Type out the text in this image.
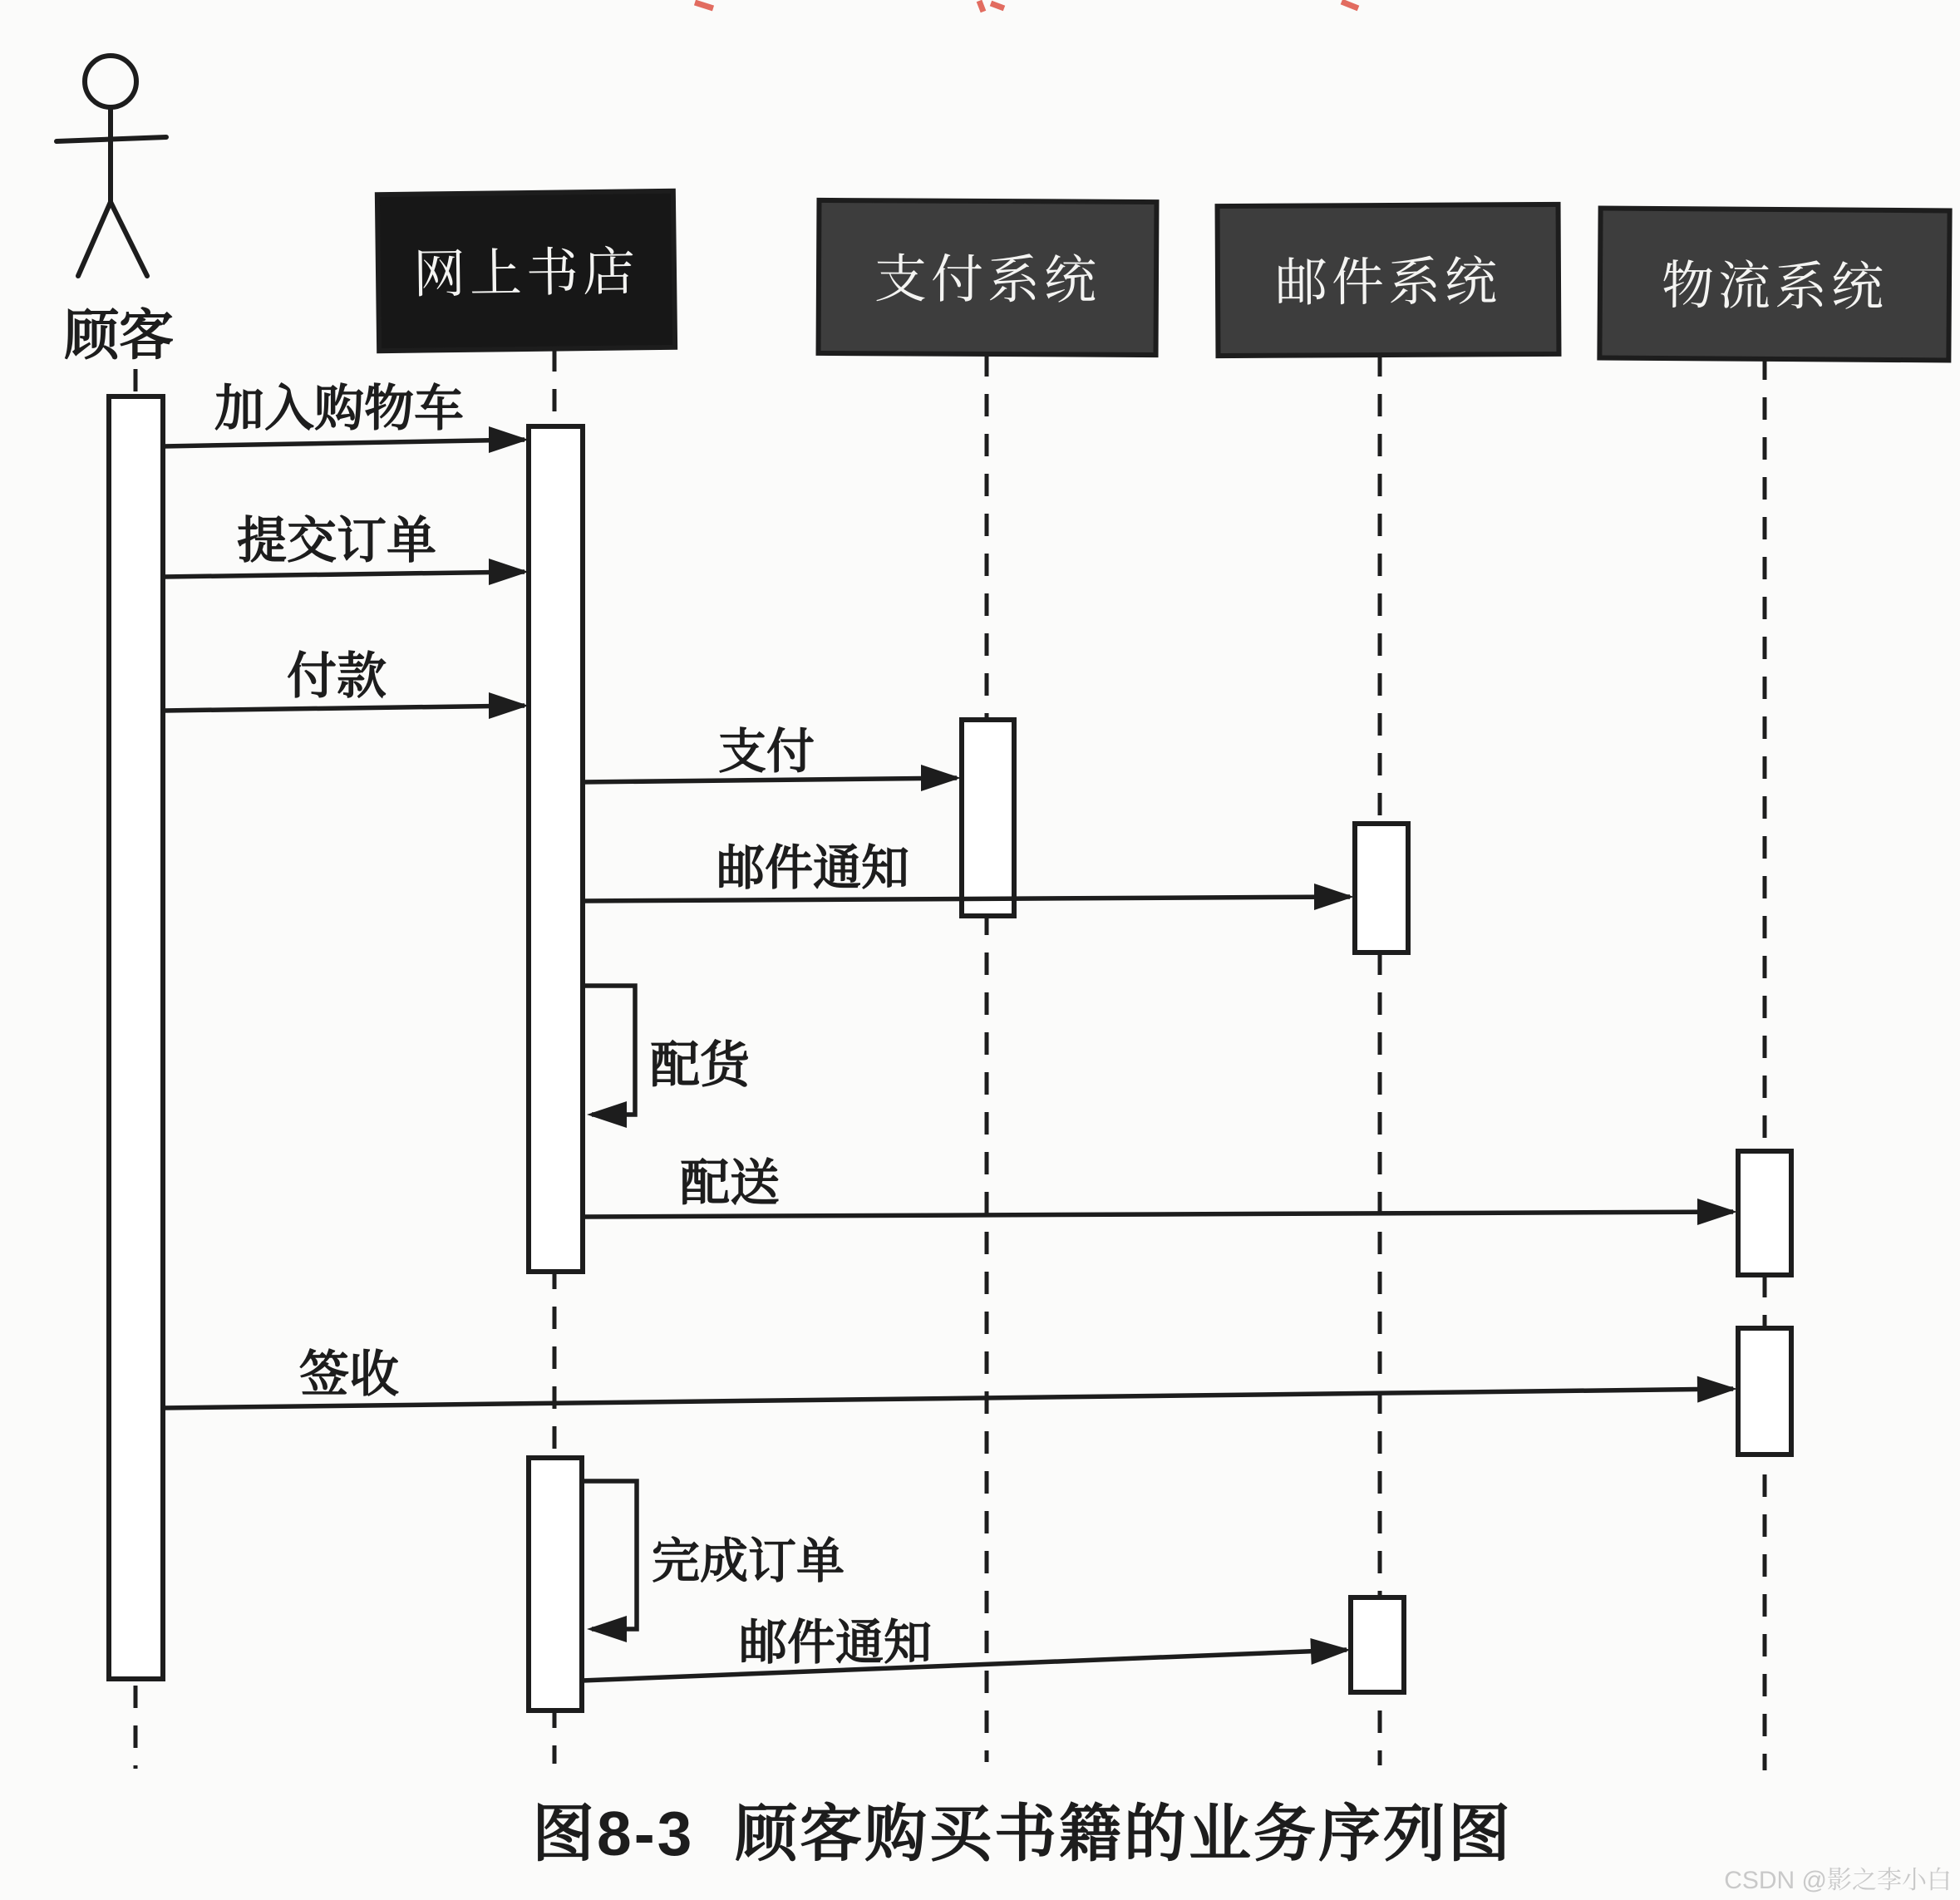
顾客
网上书店	支付系统	邮件系统	物流系统
加入购物车
提交订单
付款
支付
邮件通知
配货
配送
签收
完成订单
邮件通知
图8-3 顾客购买书籍的业务序列图
CSDN @影之李小白
